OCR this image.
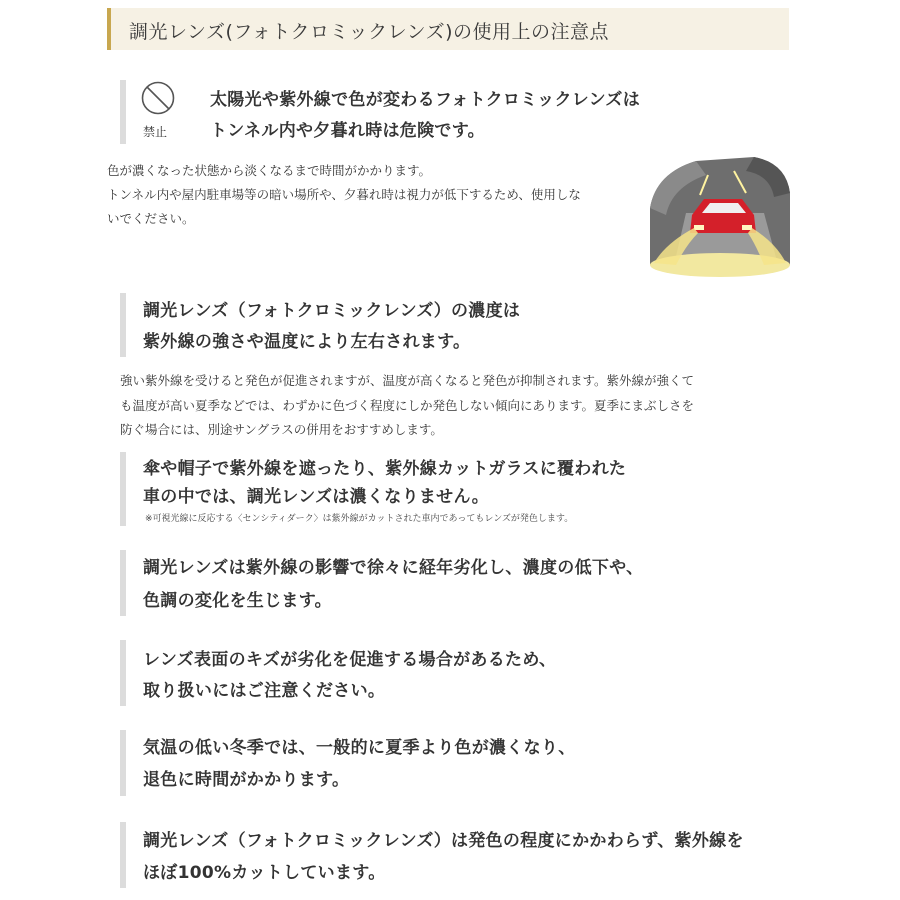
調光レンズ(フォトクロミックレンズ)の使用上の注意点
禁止
太陽光や紫外線で色が変わるフォトクロミックレンズは
トンネル内や夕暮れ時は危険です。
色が濃くなった状態から淡くなるまで時間がかかります。
トンネル内や屋内駐車場等の暗い場所や、夕暮れ時は視力が低下するため、使用しな
いでください。
調光レンズ（フォトクロミックレンズ）の濃度は
紫外線の強さや温度により左右されます。
強い紫外線を受けると発色が促進されますが、温度が高くなると発色が抑制されます。紫外線が強くて
も温度が高い夏季などでは、わずかに色づく程度にしか発色しない傾向にあります。夏季にまぶしさを
防ぐ場合には、別途サングラスの併用をおすすめします。
傘や帽子で紫外線を遮ったり、紫外線カットガラスに覆われた
車の中では、調光レンズは濃くなりません。
※可視光線に反応する〈センシティダーク〉は紫外線がカットされた車内であってもレンズが発色します。
調光レンズは紫外線の影響で徐々に経年劣化し、濃度の低下や、
色調の変化を生じます。
レンズ表面のキズが劣化を促進する場合があるため、
取り扱いにはご注意ください。
気温の低い冬季では、一般的に夏季より色が濃くなり、
退色に時間がかかります。
調光レンズ（フォトクロミックレンズ）は発色の程度にかかわらず、紫外線を
ほぼ100%カットしています。
